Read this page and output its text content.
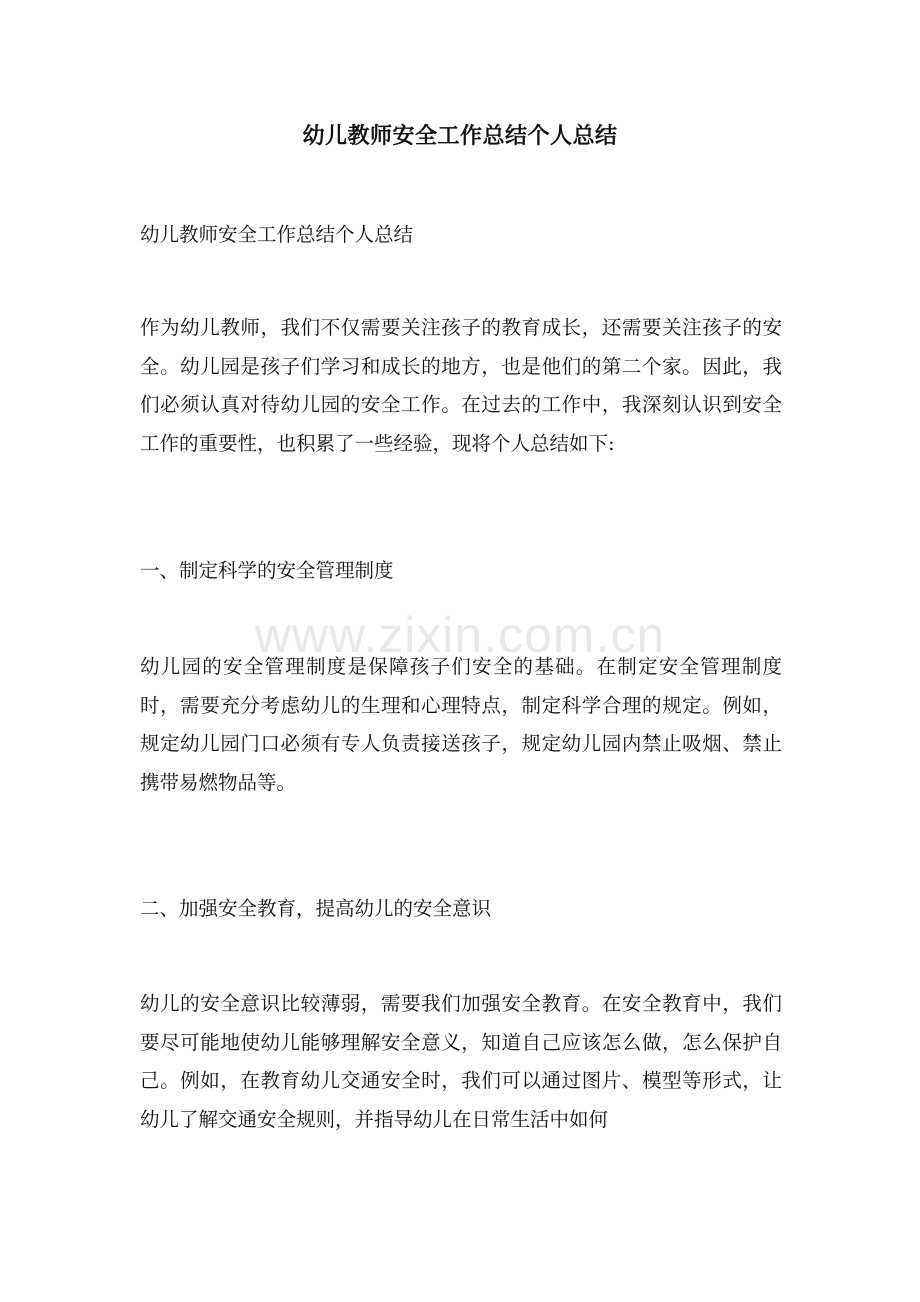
幼儿教师安全工作总结个人总结
幼儿教师安全工作总结个人总结
作为幼儿教师，我们不仅需要关注孩子的教育成长，还需要关注孩子的安全。幼儿园是孩子们学习和成长的地方，也是他们的第二个家。因此，我们必须认真对待幼儿园的安全工作。在过去的工作中，我深刻认识到安全工作的重要性，也积累了一些经验，现将个人总结如下:
一、制定科学的安全管理制度
幼儿园的安全管理制度是保障孩子们安全的基础。在制定安全管理制度时，需要充分考虑幼儿的生理和心理特点，制定科学合理的规定。例如，规定幼儿园门口必须有专人负责接送孩子，规定幼儿园内禁止吸烟、禁止携带易燃物品等。
二、加强安全教育，提高幼儿的安全意识
幼儿的安全意识比较薄弱，需要我们加强安全教育。在安全教育中，我们要尽可能地使幼儿能够理解安全意义，知道自己应该怎么做，怎么保护自己。例如，在教育幼儿交通安全时，我们可以通过图片、模型等形式，让幼儿了解交通安全规则，并指导幼儿在日常生活中如何
www.zixin.com.cn
